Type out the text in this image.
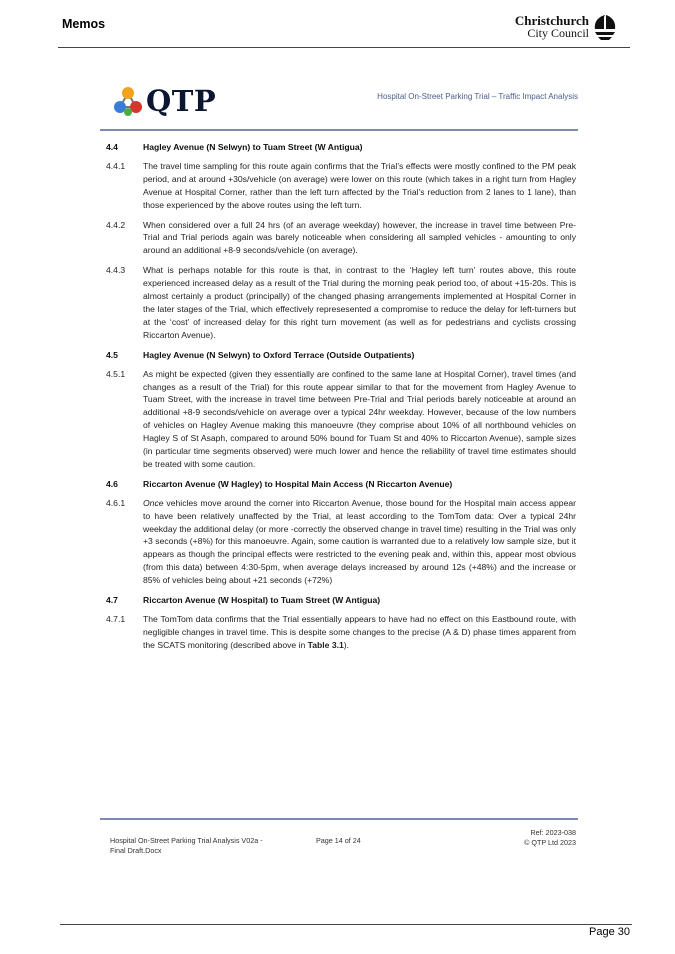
Memos	Christchurch
City Council
QTP	Hospital On-Street Parking Trial – Traffic Impact Analysis
4.4	Hagley Avenue (N Selwyn) to Tuam Street (W Antigua)
4.4.1	The travel time sampling for this route again confirms that the Trial’s effects were mostly confined to the PM peak period, and at around +30s/vehicle (on average) were lower on this route (which takes in a right turn from Hagley Avenue at Hospital Corner, rather than the left turn affected by the Trial’s reduction from 2 lanes to 1 lane), than those experienced by the above routes using the left turn.
4.4.2	When considered over a full 24 hrs (of an average weekday) however, the increase in travel time between Pre-Trial and Trial periods again was barely noticeable when considering all sampled vehicles - amounting to only around an additional +8-9 seconds/vehicle (on average).
4.4.3	What is perhaps notable for this route is that, in contrast to the ‘Hagley left turn’ routes above, this route experienced increased delay as a result of the Trial during the morning peak period too, of about +15-20s. This is almost certainly a product (principally) of the changed phasing arrangements implemented at Hospital Corner in the later stages of the Trial, which effectively represesented a compromise to reduce the delay for left-turners but at the ‘cost’ of increased delay for this right turn movement (as well as for pedestrians and cyclists crossing Riccarton Avenue).
4.5	Hagley Avenue (N Selwyn) to Oxford Terrace (Outside Outpatients)
4.5.1	As might be expected (given they essentially are confined to the same lane at Hospital Corner), travel times (and changes as a result of the Trial) for this route appear similar to that for the movement from Hagley Avenue to Tuam Street, with the increase in travel time between Pre-Trial and Trial periods barely noticeable at around an additional +8-9 seconds/vehicle on average over a typical 24hr weekday. However, because of the low numbers of vehicles on Hagley Avenue making this manoeuvre (they comprise about 10% of all northbound vehicles on Hagley S of St Asaph, compared to around 50% bound for Tuam St and 40% to Riccarton Avenue), sample sizes (in particular time segments observed) were much lower and hence the reliability of travel time estimates should be treated with some caution.
4.6	Riccarton Avenue (W Hagley) to Hospital Main Access (N Riccarton Avenue)
4.6.1	Once vehicles move around the corner into Riccarton Avenue, those bound for the Hospital main access appear to have been relatively unaffected by the Trial, at least according to the TomTom data: Over a typical 24hr weekday the additional delay (or more -correctly the observed change in travel time) resulting in the Trial was only +3 seconds (+8%) for this manoeuvre. Again, some caution is warranted due to a relatively low sample size, but it appears as though the principal effects were restricted to the evening peak and, within this, appear most obvious (from this data) between 4:30-5pm, when average delays increased by around 12s (+48%) and the increase or 85% of vehicles being about +21 seconds (+72%)
4.7	Riccarton Avenue (W Hospital) to Tuam Street (W Antigua)
4.7.1	The TomTom data confirms that the Trial essentially appears to have had no effect on this Eastbound route, with negligible changes in travel time. This is despite some changes to the precise (A & D) phase times apparent from the SCATS monitoring (described above in Table 3.1).
Hospital On-Street Parking Trial Analysis V02a -
Final Draft.Docx
Page 14 of 24
Ref: 2023-038
© QTP Ltd 2023
Page 30
